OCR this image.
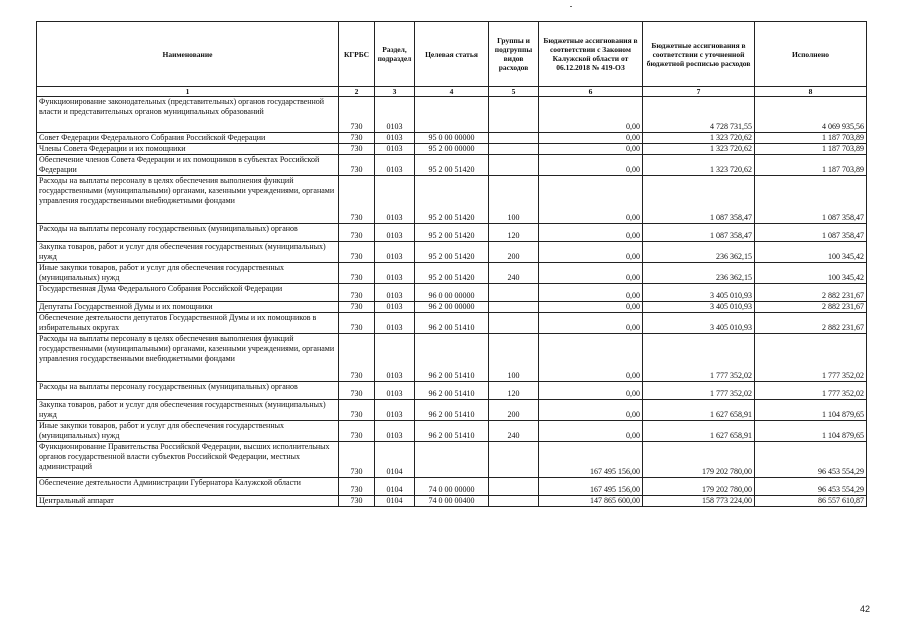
Наименование	КГРБС	Раздел, подраздел	Целевая статья	Группы и подгруппы видов расходов	Бюджетные ассигнования в соответствии с Законом Калужской области от 06.12.2018 № 419-ОЗ	Бюджетные ассигнования в соответствии с уточненной бюджетной росписью расходов	Исполнено
1	2	3	4	5	6	7	8
Функционирование законодательных (представительных) органов государственной власти и представительных органов муниципальных образований	730	0103			0,00	4 728 731,55	4 069 935,56
Совет Федерации Федерального Собрания Российской Федерации	730	0103	95 0 00 00000		0,00	1 323 720,62	1 187 703,89
Члены Совета Федерации и их помощники	730	0103	95 2 00 00000		0,00	1 323 720,62	1 187 703,89
Обеспечение членов Совета Федерации и их помощников в субъектах Российской Федерации	730	0103	95 2 00 51420		0,00	1 323 720,62	1 187 703,89
Расходы на выплаты персоналу в целях обеспечения выполнения функций государственными (муниципальными) органами, казенными учреждениями, органами управления государственными внебюджетными фондами	730	0103	95 2 00 51420	100	0,00	1 087 358,47	1 087 358,47
Расходы на выплаты персоналу государственных (муниципальных) органов	730	0103	95 2 00 51420	120	0,00	1 087 358,47	1 087 358,47
Закупка товаров, работ и услуг для обеспечения государственных (муниципальных) нужд	730	0103	95 2 00 51420	200	0,00	236 362,15	100 345,42
Иные закупки товаров, работ и услуг для обеспечения государственных (муниципальных) нужд	730	0103	95 2 00 51420	240	0,00	236 362,15	100 345,42
Государственная Дума Федерального Собрания Российской Федерации	730	0103	96 0 00 00000		0,00	3 405 010,93	2 882 231,67
Депутаты Государственной Думы и их помощники	730	0103	96 2 00 00000		0,00	3 405 010,93	2 882 231,67
Обеспечение деятельности депутатов Государственной Думы и их помощников в избирательных округах	730	0103	96 2 00 51410		0,00	3 405 010,93	2 882 231,67
Расходы на выплаты персоналу в целях обеспечения выполнения функций государственными (муниципальными) органами, казенными учреждениями, органами управления государственными внебюджетными фондами	730	0103	96 2 00 51410	100	0,00	1 777 352,02	1 777 352,02
Расходы на выплаты персоналу государственных (муниципальных) органов	730	0103	96 2 00 51410	120	0,00	1 777 352,02	1 777 352,02
Закупка товаров, работ и услуг для обеспечения государственных (муниципальных) нужд	730	0103	96 2 00 51410	200	0,00	1 627 658,91	1 104 879,65
Иные закупки товаров, работ и услуг для обеспечения государственных (муниципальных) нужд	730	0103	96 2 00 51410	240	0,00	1 627 658,91	1 104 879,65
Функционирование Правительства Российской Федерации, высших исполнительных органов государственной власти субъектов Российской Федерации, местных администраций	730	0104			167 495 156,00	179 202 780,00	96 453 554,29
Обеспечение деятельности Администрации Губернатора Калужской области	730	0104	74 0 00 00000		167 495 156,00	179 202 780,00	96 453 554,29
Центральный аппарат	730	0104	74 0 00 00400		147 865 600,00	158 773 224,00	86 557 610,87
42
